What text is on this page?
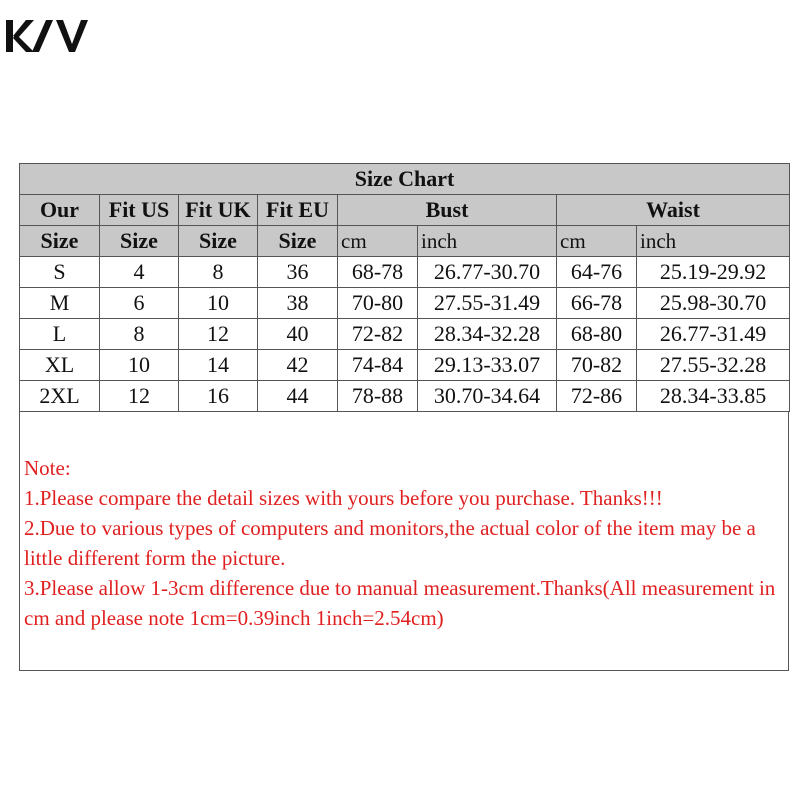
Size Chart							
Our	Fit US	Fit UK	Fit EU	Bust		Waist	
Size	Size	Size	Size	cm	inch	cm	inch
S	4	8	36	68-78	26.77-30.70	64-76	25.19-29.92
M	6	10	38	70-80	27.55-31.49	66-78	25.98-30.70
L	8	12	40	72-82	28.34-32.28	68-80	26.77-31.49
XL	10	14	42	74-84	29.13-33.07	70-82	27.55-32.28
2XL	12	16	44	78-88	30.70-34.64	72-86	28.34-33.85

Note:

1.Please compare the detail sizes with yours before you purchase. Thanks!!!

2.Due to various types of computers and monitors,the actual color of the item may be a little different form the picture.

3.Please allow 1-3cm difference due to manual measurement.Thanks(All measurement in cm and please note 1cm=0.39inch 1inch=2.54cm)
